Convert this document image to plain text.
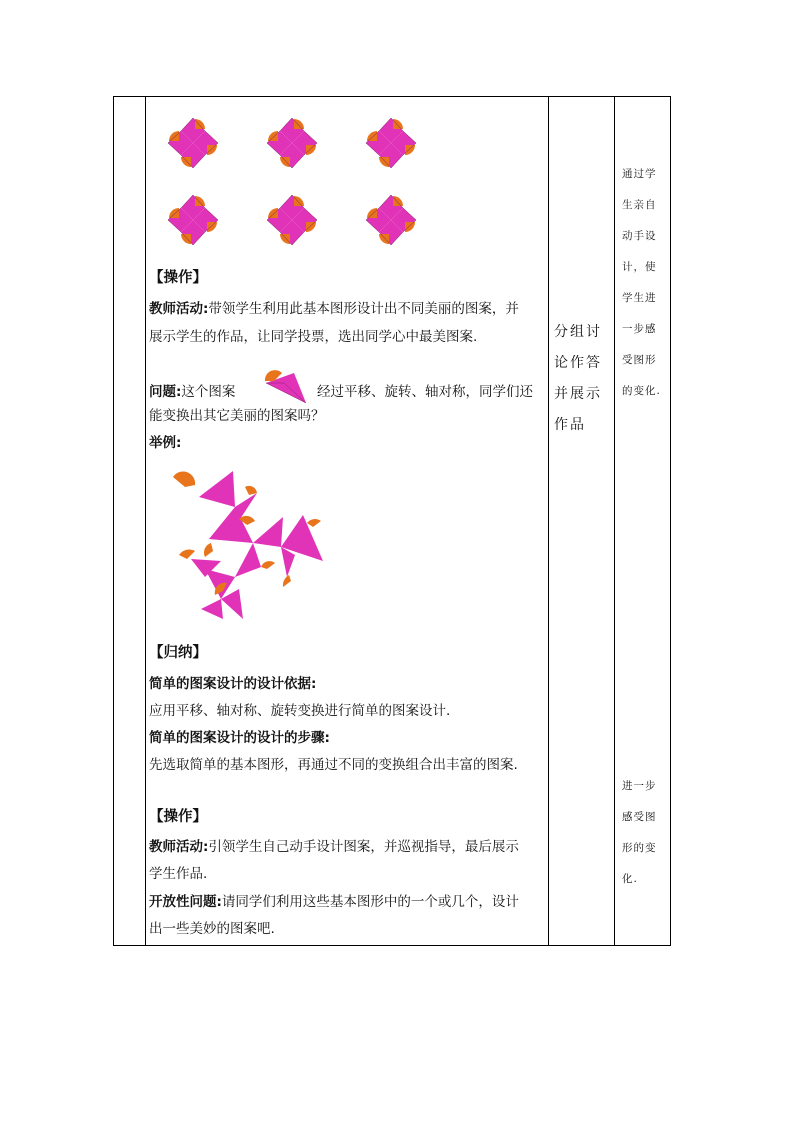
【操作】
教师活动:带领学生利用此基本图形设计出不同美丽的图案，并
展示学生的作品，让同学投票，选出同学心中最美图案.
问题:这个图案	经过平移、旋转、轴对称，同学们还
能变换出其它美丽的图案吗？
举例:
【归纳】
简单的图案设计的设计依据:
应用平移、轴对称、旋转变换进行简单的图案设计.
简单的图案设计的设计的步骤:
先选取简单的基本图形，再通过不同的变换组合出丰富的图案.
【操作】
教师活动:引领学生自己动手设计图案，并巡视指导，最后展示
学生作品.
开放性问题:请同学们利用这些基本图形中的一个或几个，设计
出一些美妙的图案吧.
分组讨
论作答
并展示
作品
通过学
生亲自
动手设
计，使
学生进
一步感
受图形
的变化.
进一步
感受图
形的变
化.
